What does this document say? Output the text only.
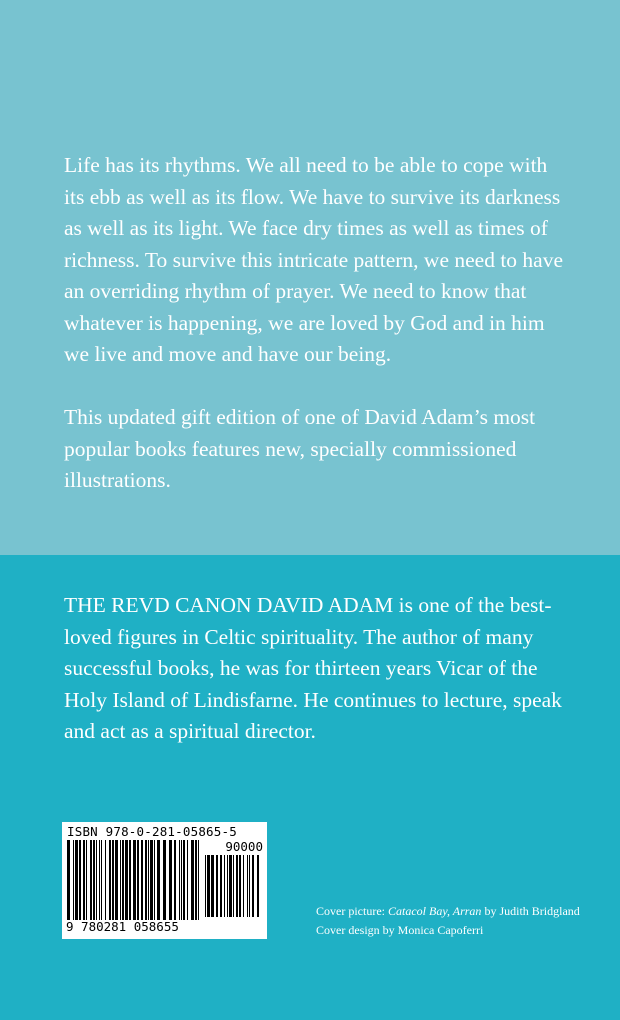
Life has its rhythms. We all need to be able to cope with its ebb as well as its flow. We have to survive its darkness as well as its light. We face dry times as well as times of richness. To survive this intricate pattern, we need to have an overriding rhythm of prayer. We need to know that whatever is happening, we are loved by God and in him we live and move and have our being.

This updated gift edition of one of David Adam’s most popular books features new, specially commissioned illustrations.

THE REVD CANON DAVID ADAM is one of the best-loved figures in Celtic spirituality. The author of many successful books, he was for thirteen years Vicar of the Holy Island of Lindisfarne. He continues to lecture, speak and act as a spiritual director.

ISBN 978-0-281-05865-5
90000
9 780281 058655
Cover picture: Catacol Bay, Arran by Judith Bridgland
Cover design by Monica Capoferri
